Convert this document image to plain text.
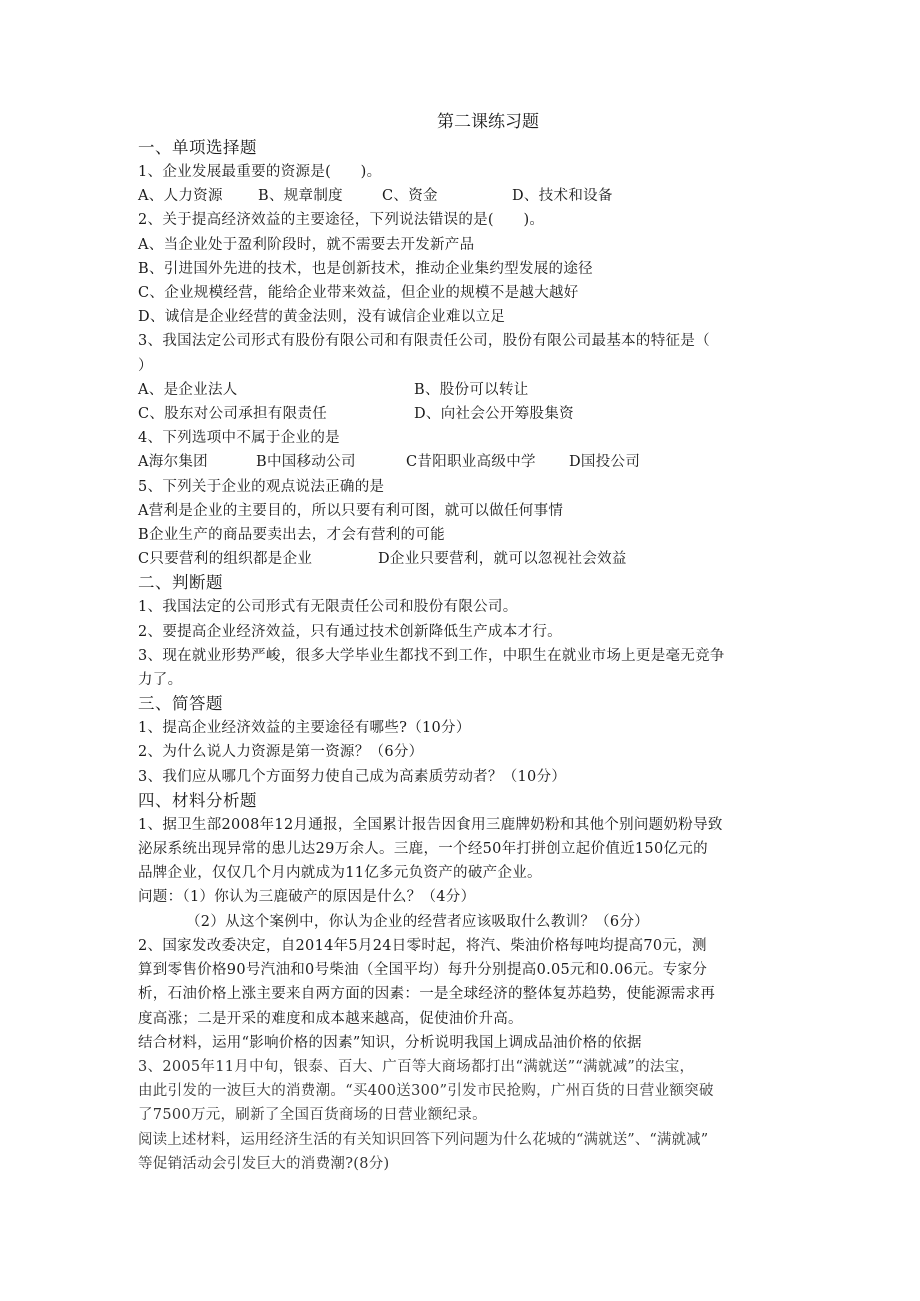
第二课练习题
一、单项选择题
1、企业发展最重要的资源是(　　)。
A、人力资源 B、规章制度	C、资金	D、技术和设备
2、关于提高经济效益的主要途径，下列说法错误的是(　　)。
A、当企业处于盈利阶段时，就不需要去开发新产品
B、引进国外先进的技术，也是创新技术，推动企业集约型发展的途径
C、企业规模经营，能给企业带来效益，但企业的规模不是越大越好
D、诚信是企业经营的黄金法则，没有诚信企业难以立足
3、我国法定公司形式有股份有限公司和有限责任公司，股份有限公司最基本的特征是（
）
A、是企业法人	B、股份可以转让
C、股东对公司承担有限责任	D、向社会公开筹股集资
4、下列选项中不属于企业的是
A海尔集团	B中国移动公司	C昔阳职业高级中学 D国投公司
5、下列关于企业的观点说法正确的是
A营利是企业的主要目的，所以只要有利可图，就可以做任何事情
B企业生产的商品要卖出去，才会有营利的可能
C只要营利的组织都是企业	D企业只要营利，就可以忽视社会效益
二、判断题
1、我国法定的公司形式有无限责任公司和股份有限公司。
2、要提高企业经济效益，只有通过技术创新降低生产成本才行。
3、现在就业形势严峻，很多大学毕业生都找不到工作，中职生在就业市场上更是毫无竞争
力了。
三、简答题
1、提高企业经济效益的主要途径有哪些?（10分）
2、为什么说人力资源是第一资源？（6分）
3、我们应从哪几个方面努力使自己成为高素质劳动者？（10分）
四、材料分析题
1、据卫生部2008年12月通报，全国累计报告因食用三鹿牌奶粉和其他个别问题奶粉导致
泌尿系统出现异常的患儿达29万余人。三鹿，一个经50年打拼创立起价值近150亿元的
品牌企业，仅仅几个月内就成为11亿多元负资产的破产企业。
问题：（1）你认为三鹿破产的原因是什么？（4分）
（2）从这个案例中，你认为企业的经营者应该吸取什么教训？（6分）
2、国家发改委决定，自2014年5月24日零时起，将汽、柴油价格每吨均提高70元，测
算到零售价格90号汽油和0号柴油（全国平均）每升分别提高0.05元和0.06元。专家分
析，石油价格上涨主要来自两方面的因素：一是全球经济的整体复苏趋势，使能源需求再
度高涨；二是开采的难度和成本越来越高，促使油价升高。
结合材料，运用“影响价格的因素”知识，分析说明我国上调成品油价格的依据
3、2005年11月中旬，银泰、百大、广百等大商场都打出“满就送”“满就减”的法宝，
由此引发的一波巨大的消费潮。“买400送300”引发市民抢购，广州百货的日营业额突破
了7500万元，刷新了全国百货商场的日营业额纪录。
阅读上述材料，运用经济生活的有关知识回答下列问题为什么花城的“满就送”、“满就减”
等促销活动会引发巨大的消费潮?(8分)
